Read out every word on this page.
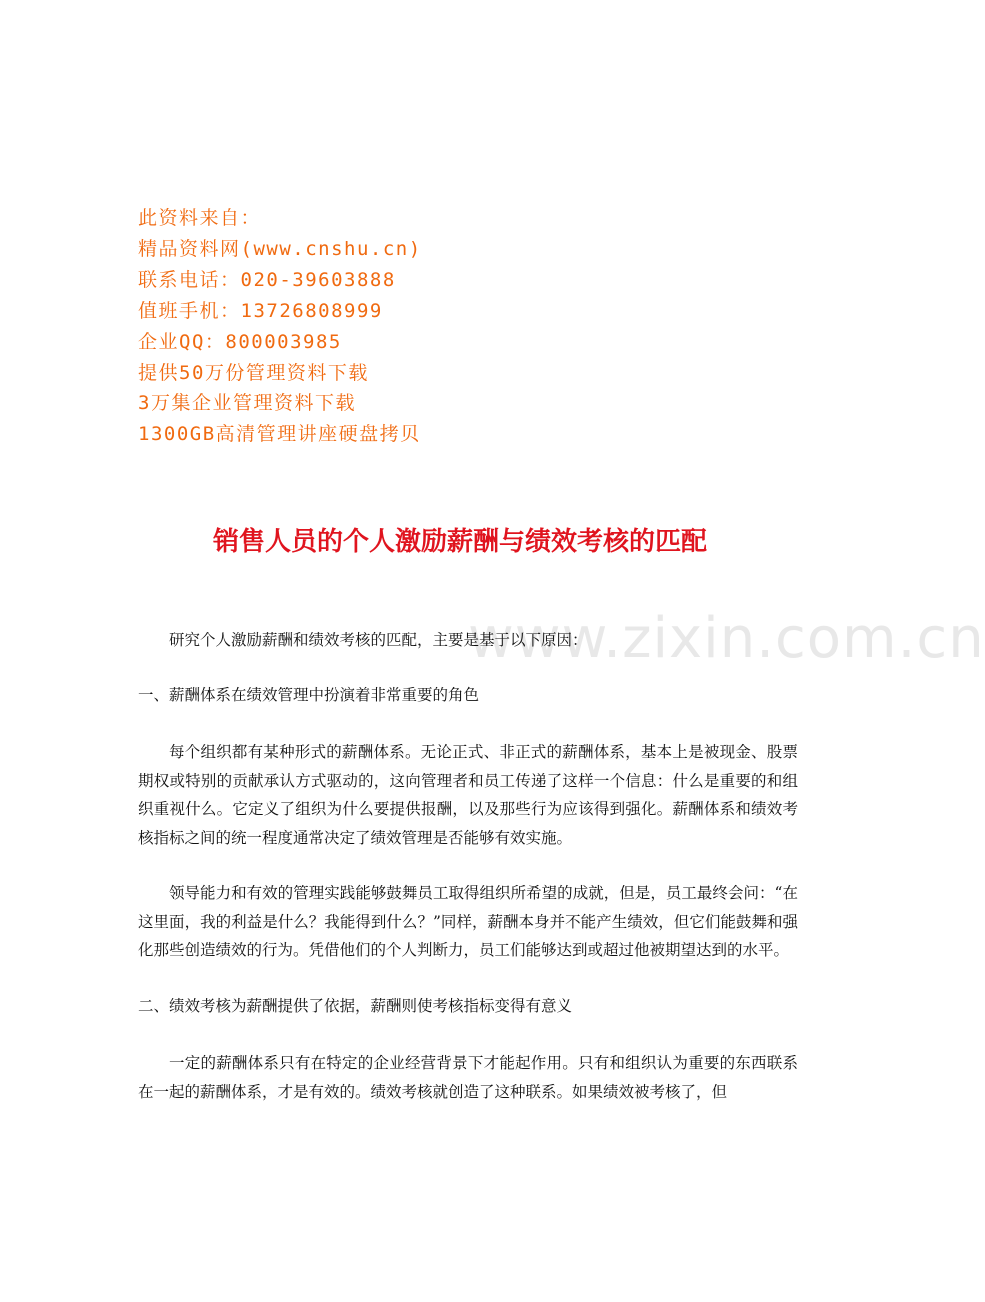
www.zixin.com.cn
此资料来自：
精品资料网(www.cnshu.cn)
联系电话：020-39603888
值班手机：13726808999
企业QQ：800003985
提供50万份管理资料下载
3万集企业管理资料下载
1300GB高清管理讲座硬盘拷贝
销售人员的个人激励薪酬与绩效考核的匹配

研究个人激励薪酬和绩效考核的匹配，主要是基于以下原因：

一、薪酬体系在绩效管理中扮演着非常重要的角色

每个组织都有某种形式的薪酬体系。无论正式、非正式的薪酬体系，基本上是被现金、股票期权或特别的贡献承认方式驱动的，这向管理者和员工传递了这样一个信息：什么是重要的和组织重视什么。它定义了组织为什么要提供报酬，以及那些行为应该得到强化。薪酬体系和绩效考核指标之间的统一程度通常决定了绩效管理是否能够有效实施。

领导能力和有效的管理实践能够鼓舞员工取得组织所希望的成就，但是，员工最终会问：“在这里面，我的利益是什么？我能得到什么？”同样，薪酬本身并不能产生绩效，但它们能鼓舞和强化那些创造绩效的行为。凭借他们的个人判断力，员工们能够达到或超过他被期望达到的水平。

二、绩效考核为薪酬提供了依据，薪酬则使考核指标变得有意义

一定的薪酬体系只有在特定的企业经营背景下才能起作用。只有和组织认为重要的东西联系在一起的薪酬体系，才是有效的。绩效考核就创造了这种联系。如果绩效被考核了，但
